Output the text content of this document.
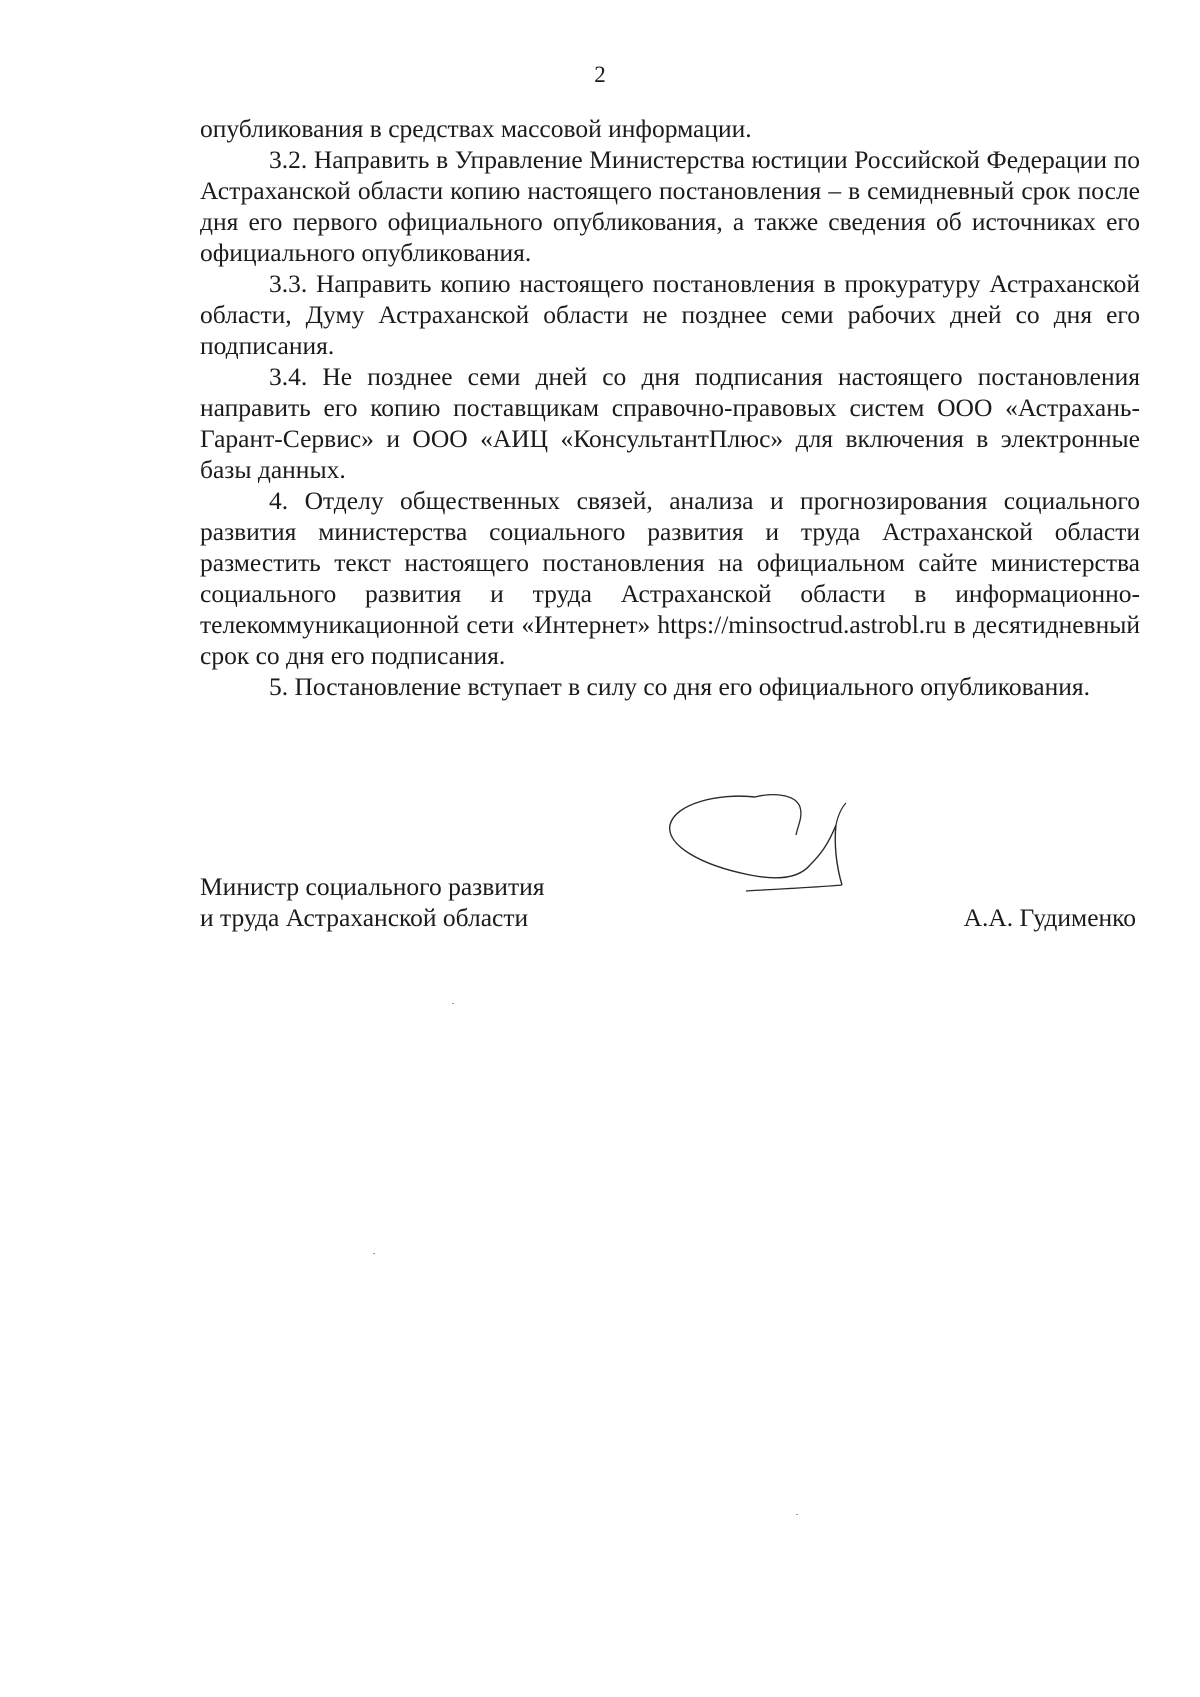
2

опубликования в средствах массовой информации.

3.2. Направить в Управление Министерства юстиции Российской Федерации по Астраханской области копию настоящего постановления – в семидневный срок после дня его первого официального опубликования, а также сведения об источниках его официального опубликования.

3.3. Направить копию настоящего постановления в прокуратуру Астраханской области, Думу Астраханской области не позднее семи рабочих дней со дня его подписания.

3.4. Не позднее семи дней со дня подписания настоящего постановления направить его копию поставщикам справочно-правовых систем ООО «Астрахань-Гарант-Сервис» и ООО «АИЦ «КонсультантПлюс» для включения в электронные базы данных.

4. Отделу общественных связей, анализа и прогнозирования социального развития министерства социального развития и труда Астраханской области разместить текст настоящего постановления на официальном сайте министерства социального развития и труда Астраханской области в информационно-телекоммуникационной сети «Интернет» https://minsoctrud.astrobl.ru в десятидневный срок со дня его подписания.

5. Постановление вступает в силу со дня его официального опубликования.

Министр социального развития
и труда Астраханской области	А.А. Гудименко
